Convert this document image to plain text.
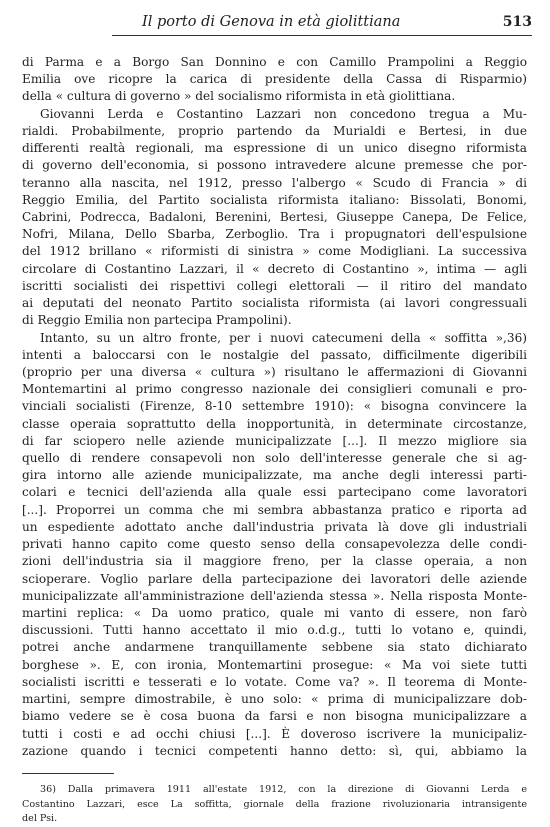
Il porto di Genova in età giolittiana	513
di Parma e a Borgo San Donnino e con Camillo Prampolini a Reggio
Emilia ove ricopre la carica di presidente della Cassa di Risparmio)
della « cultura di governo » del socialismo riformista in età giolittiana.
Giovanni Lerda e Costantino Lazzari non concedono tregua a Mu-
rialdi. Probabilmente, proprio partendo da Murialdi e Bertesi, in due
differenti realtà regionali, ma espressione di un unico disegno riformista
di governo dell'economia, si possono intravedere alcune premesse che por-
teranno alla nascita, nel 1912, presso l'albergo « Scudo di Francia » di
Reggio Emilia, del Partito socialista riformista italiano: Bissolati, Bonomi,
Cabrini, Podrecca, Badaloni, Berenini, Bertesi, Giuseppe Canepa, De Felice,
Nofri, Milana, Dello Sbarba, Zerboglio. Tra i propugnatori dell'espulsione
del 1912 brillano « riformisti di sinistra » come Modigliani. La successiva
circolare di Costantino Lazzari, il « decreto di Costantino », intima — agli
iscritti socialisti dei rispettivi collegi elettorali — il ritiro del mandato
ai deputati del neonato Partito socialista riformista (ai lavori congressuali
di Reggio Emilia non partecipa Prampolini).
Intanto, su un altro fronte, per i nuovi catecumeni della « soffitta »,36)
intenti a baloccarsi con le nostalgie del passato, difficilmente digeribili
(proprio per una diversa « cultura ») risultano le affermazioni di Giovanni
Montemartini al primo congresso nazionale dei consiglieri comunali e pro-
vinciali socialisti (Firenze, 8-10 settembre 1910): « bisogna convincere la
classe operaia soprattutto della inopportunità, in determinate circostanze,
di far sciopero nelle aziende municipalizzate [...]. Il mezzo migliore sia
quello di rendere consapevoli non solo dell'interesse generale che si ag-
gira intorno alle aziende municipalizzate, ma anche degli interessi parti-
colari e tecnici dell'azienda alla quale essi partecipano come lavoratori
[...]. Proporrei un comma che mi sembra abbastanza pratico e riporta ad
un espediente adottato anche dall'industria privata là dove gli industriali
privati hanno capito come questo senso della consapevolezza delle condi-
zioni dell'industria sia il maggiore freno, per la classe operaia, a non
scioperare. Voglio parlare della partecipazione dei lavoratori delle aziende
municipalizzate all'amministrazione dell'azienda stessa ». Nella risposta Monte-
martini replica: « Da uomo pratico, quale mi vanto di essere, non farò
discussioni. Tutti hanno accettato il mio o.d.g., tutti lo votano e, quindi,
potrei anche andarmene tranquillamente sebbene sia stato dichiarato
borghese ». E, con ironia, Montemartini prosegue: « Ma voi siete tutti
socialisti iscritti e tesserati e lo votate. Come va? ». Il teorema di Monte-
martini, sempre dimostrabile, è uno solo: « prima di municipalizzare dob-
biamo vedere se è cosa buona da farsi e non bisogna municipalizzare a
tutti i costi e ad occhi chiusi [...]. È doveroso iscrivere la municipaliz-
zazione quando i tecnici competenti hanno detto: sì, qui, abbiamo la
36) Dalla primavera 1911 all'estate 1912, con la direzione di Giovanni Lerda e
Costantino Lazzari, esce La soffitta, giornale della frazione rivoluzionaria intransigente
del Psi.
